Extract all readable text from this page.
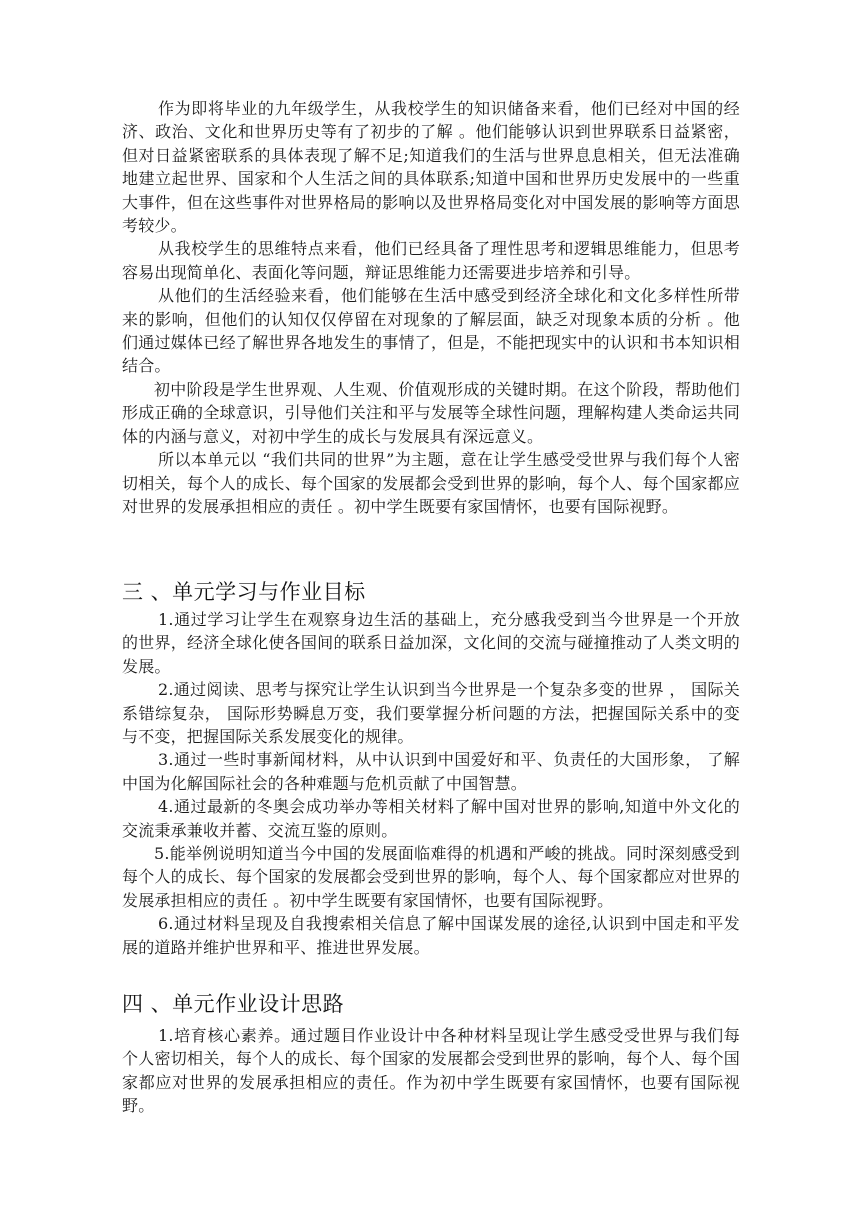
作为即将毕业的九年级学生，从我校学生的知识储备来看，他们已经对中国的经济、政治、文化和世界历史等有了初步的了解 。他们能够认识到世界联系日益紧密，但对日益紧密联系的具体表现了解不足;知道我们的生活与世界息息相关，但无法准确地建立起世界、国家和个人生活之间的具体联系;知道中国和世界历史发展中的一些重大事件，但在这些事件对世界格局的影响以及世界格局变化对中国发展的影响等方面思考较少。

从我校学生的思维特点来看，他们已经具备了理性思考和逻辑思维能力，但思考容易出现简单化、表面化等问题，辩证思维能力还需要进步培养和引导。

从他们的生活经验来看，他们能够在生活中感受到经济全球化和文化多样性所带来的影响，但他们的认知仅仅停留在对现象的了解层面，缺乏对现象本质的分析 。他们通过媒体已经了解世界各地发生的事情了，但是，不能把现实中的认识和书本知识相结合。

初中阶段是学生世界观、人生观、价值观形成的关键时期。在这个阶段，帮助他们形成正确的全球意识，引导他们关注和平与发展等全球性问题，理解构建人类命运共同体的内涵与意义，对初中学生的成长与发展具有深远意义。

所以本单元以 “我们共同的世界”为主题，意在让学生感受受世界与我们每个人密切相关，每个人的成长、每个国家的发展都会受到世界的影响，每个人、每个国家都应对世界的发展承担相应的责任 。初中学生既要有家国情怀，也要有国际视野。

三 、单元学习与作业目标

1.通过学习让学生在观察身边生活的基础上，充分感我受到当今世界是一个开放的世界，经济全球化使各国间的联系日益加深，文化间的交流与碰撞推动了人类文明的发展。

2.通过阅读、思考与探究让学生认识到当今世界是一个复杂多变的世界 ， 国际关系错综复杂， 国际形势瞬息万变，我们要掌握分析问题的方法，把握国际关系中的变与不变，把握国际关系发展变化的规律。

3.通过一些时事新闻材料，从中认识到中国爱好和平、负责任的大国形象， 了解中国为化解国际社会的各种难题与危机贡献了中国智慧。

4.通过最新的冬奥会成功举办等相关材料了解中国对世界的影响,知道中外文化的交流秉承兼收并蓄、交流互鉴的原则。

5.能举例说明知道当今中国的发展面临难得的机遇和严峻的挑战。同时深刻感受到每个人的成长、每个国家的发展都会受到世界的影响，每个人、每个国家都应对世界的发展承担相应的责任 。初中学生既要有家国情怀，也要有国际视野。

6.通过材料呈现及自我搜索相关信息了解中国谋发展的途径,认识到中国走和平发展的道路并维护世界和平、推进世界发展。

四 、单元作业设计思路

1.培育核心素养。通过题目作业设计中各种材料呈现让学生感受受世界与我们每个人密切相关，每个人的成长、每个国家的发展都会受到世界的影响，每个人、每个国家都应对世界的发展承担相应的责任。作为初中学生既要有家国情怀，也要有国际视野。
